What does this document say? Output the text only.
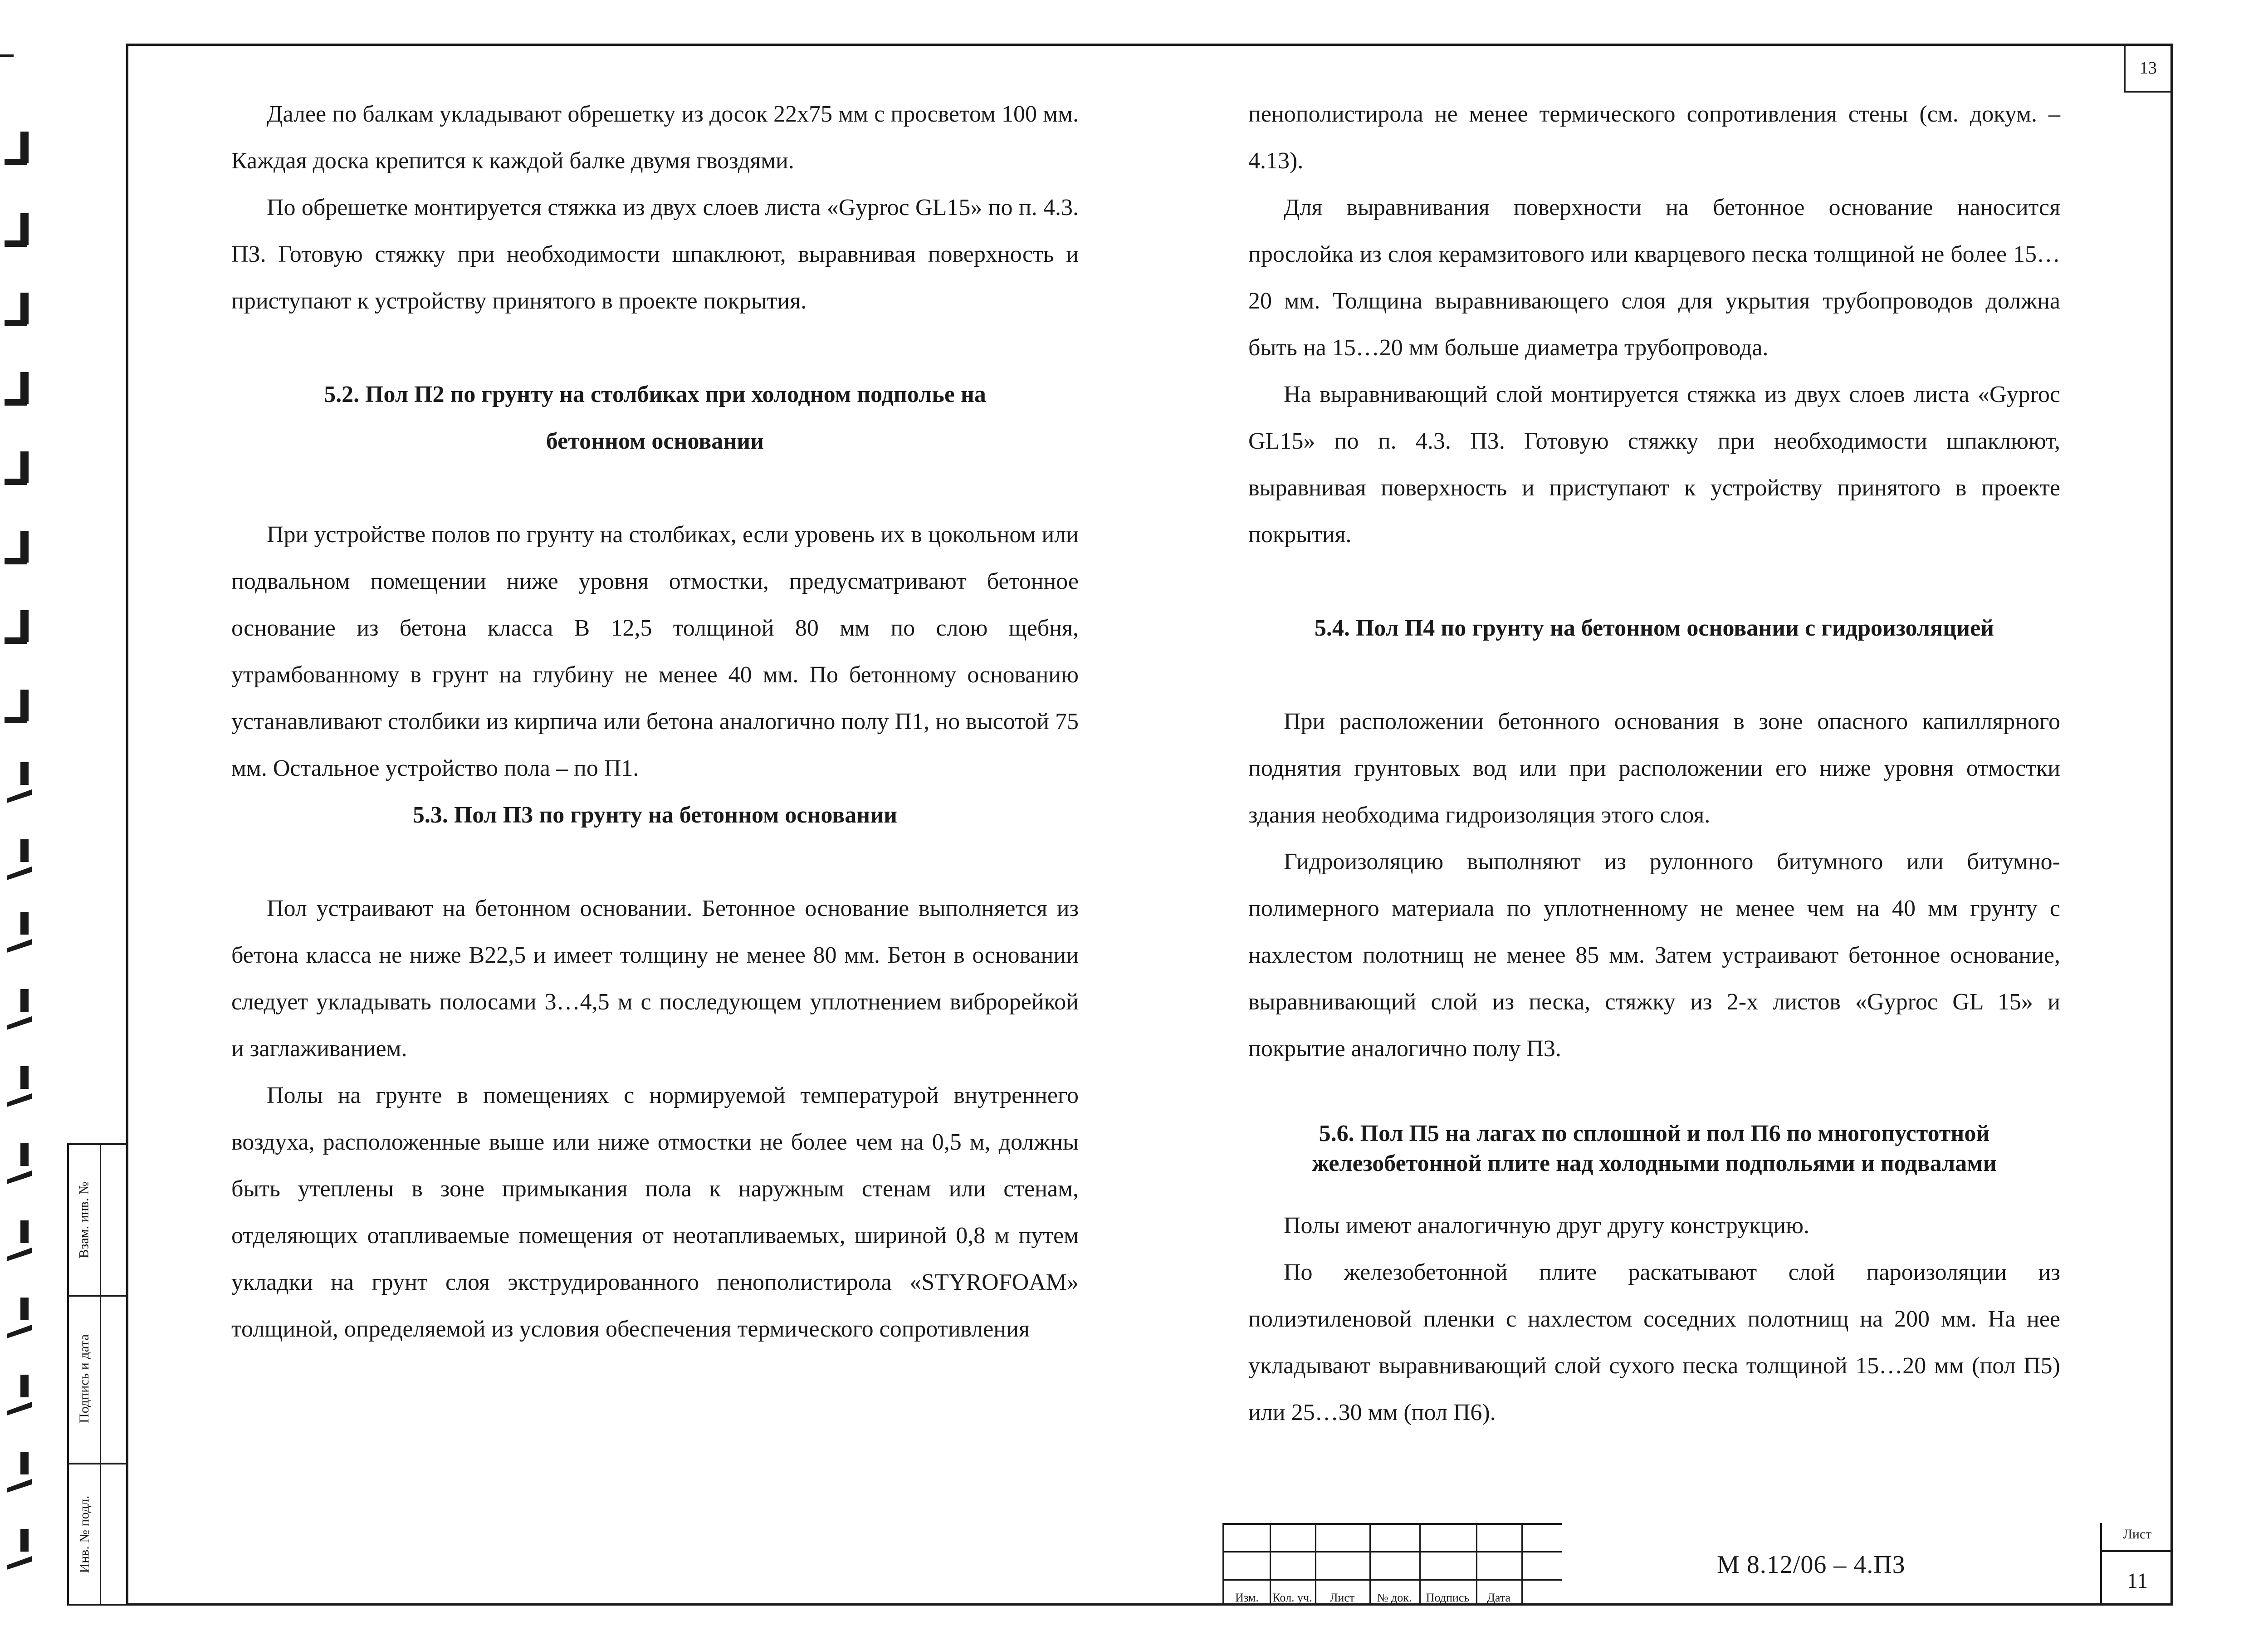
13
Взам. инв. №
Подпись и дата
Инв. № подл.

Далее по балкам укладывают обрешетку из досок 22х75 мм с просветом 100 мм. Каждая доска крепится к каждой балке двумя гвоздями.

По обрешетке монтируется стяжка из двух слоев листа «Gyproc GL15» по п. 4.3. ПЗ. Готовую стяжку при необходимости шпаклюют, выравнивая поверхность и приступают к устройству принятого в проекте покрытия.

5.2. Пол П2 по грунту на столбиках при холодном подполье на

бетонном основании

При устройстве полов по грунту на столбиках, если уровень их в цокольном или подвальном помещении ниже уровня отмостки, предусматривают бетонное основание из бетона класса В 12,5 толщиной 80 мм по слою щебня, утрамбованному в грунт на глубину не менее 40 мм. По бетонному основанию устанавливают столбики из кирпича или бетона аналогично полу П1, но высотой 75 мм. Остальное устройство пола – по П1.

5.3. Пол П3 по грунту на бетонном основании

Пол устраивают на бетонном основании. Бетонное основание выполняется из бетона класса не ниже В22,5 и имеет толщину не менее 80 мм. Бетон в основании следует укладывать полосами 3…4,5 м с последующем уплотнением виброрейкой и заглаживанием.

Полы на грунте в помещениях с нормируемой температурой внутреннего воздуха, расположенные выше или ниже отмостки не более чем на 0,5 м, должны быть утеплены в зоне примыкания пола к наружным стенам или стенам, отделяющих отапливаемые помещения от неотапливаемых, шириной 0,8 м путем укладки на грунт слоя экструдированного пенополистирола «STYROFOAM» толщиной, определяемой из условия обеспечения термического сопротивления

пенополистирола не менее термического сопротивления стены (см. докум. – 4.13).

Для выравнивания поверхности на бетонное основание наносится прослойка из слоя керамзитового или кварцевого песка толщиной не более 15…20 мм. Толщина выравнивающего слоя для укрытия трубопроводов должна быть на 15…20 мм больше диаметра трубопровода.

На выравнивающий слой монтируется стяжка из двух слоев листа «Gyproc GL15» по п. 4.3. ПЗ. Готовую стяжку при необходимости шпаклюют, выравнивая поверхность и приступают к устройству принятого в проекте покрытия.

5.4. Пол П4 по грунту на бетонном основании с гидроизоляцией

При расположении бетонного основания в зоне опасного капиллярного поднятия грунтовых вод или при расположении его ниже уровня отмостки здания необходима гидроизоляция этого слоя.

Гидроизоляцию выполняют из рулонного битумного или битумно-полимерного материала по уплотненному не менее чем на 40 мм грунту с нахлестом полотнищ не менее 85 мм. Затем устраивают бетонное основание, выравнивающий слой из песка, стяжку из 2-х листов «Gyproc GL 15» и покрытие аналогично полу П3.

5.6. Пол П5 на лагах по сплошной и пол П6 по многопустотной

железобетонной плите над холодными подпольями и подвалами

Полы имеют аналогичную друг другу конструкцию.

По железобетонной плите раскатывают слой пароизоляции из полиэтиленовой пленки с нахлестом соседних полотнищ на 200 мм. На нее укладывают выравнивающий слой сухого песка толщиной 15…20 мм (пол П5) или 25…30 мм (пол П6).

Изм.	Кол. уч.	Лист	№ док.	Подпись	Дата
М 8.12/06 – 4.ПЗ
Лист
11
